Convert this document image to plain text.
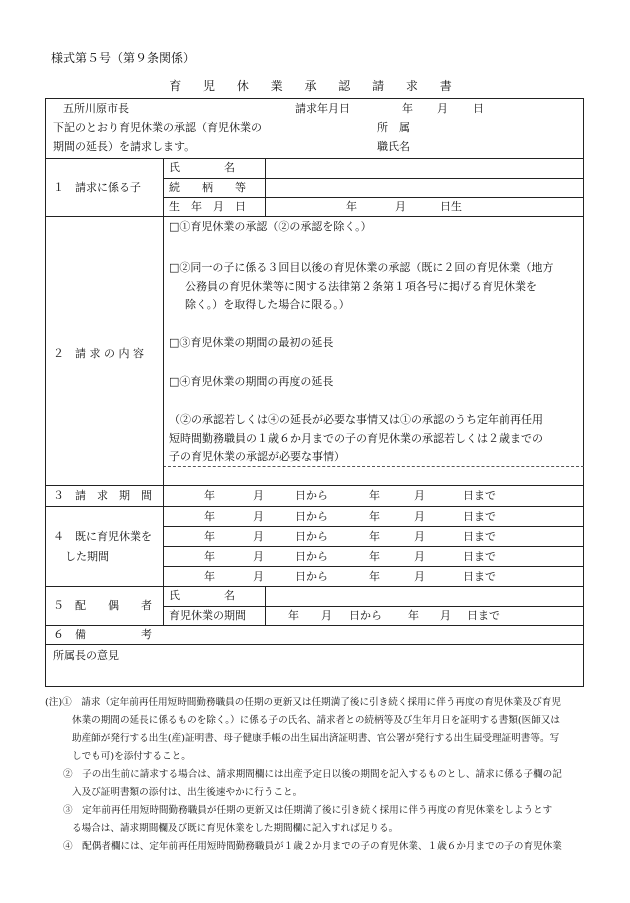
様式第５号（第９条関係）
育 児 休 業 承 認 請 求 書
五所川原市長
下記のとおり育児休業の承認（育児休業の
期間の延長）を請求します。
請求年月日	年 月 日
所　属
職氏名
１　請求に係る子
氏　　　　名
続　　柄　　等
生　年　月　日	年	月	日生
２　請 求 の 内 容
□①育児休業の承認（②の承認を除く。）
□②同一の子に係る３回目以後の育児休業の承認（既に２回の育児休業（地方
公務員の育児休業等に関する法律第２条第１項各号に掲げる育児休業を
除く。）を取得した場合に限る。）
□③育児休業の期間の最初の延長
□④育児休業の期間の再度の延長
（②の承認若しくは④の延長が必要な事情又は①の承認のうち定年前再任用
短時間勤務職員の１歳６か月までの子の育児休業の承認若しくは２歳までの
子の育児休業の承認が必要な事情）
３　請　求　期　間	年	月	日から	年	月	日まで
４　既に育児休業を
した期間
年	月	日から	年	月	日まで
年	月	日から	年	月	日まで
年	月	日から	年	月	日まで
年	月	日から	年	月	日まで
５　配　　偶　　者
氏　　　　名
育児休業の期間	年 月 日から 年 月 日まで
６　備　　　　　考
所属長の意見
(注)①　請求（定年前再任用短時間勤務職員の任期の更新又は任期満了後に引き続く採用に伴う再度の育児休業及び育児
休業の期間の延長に係るものを除く。）に係る子の氏名、請求者との続柄等及び生年月日を証明する書類(医師又は
助産師が発行する出生(産)証明書、母子健康手帳の出生届出済証明書、官公署が発行する出生届受理証明書等。写
しでも可)を添付すること。
②　子の出生前に請求する場合は、請求期間欄には出産予定日以後の期間を記入するものとし、請求に係る子欄の記
入及び証明書類の添付は、出生後速やかに行うこと。
③　定年前再任用短時間勤務職員が任期の更新又は任期満了後に引き続く採用に伴う再度の育児休業をしようとす
る場合は、請求期間欄及び既に育児休業をした期間欄に記入すれば足りる。
④　配偶者欄には、定年前再任用短時間勤務職員が１歳２か月までの子の育児休業、１歳６か月までの子の育児休業
